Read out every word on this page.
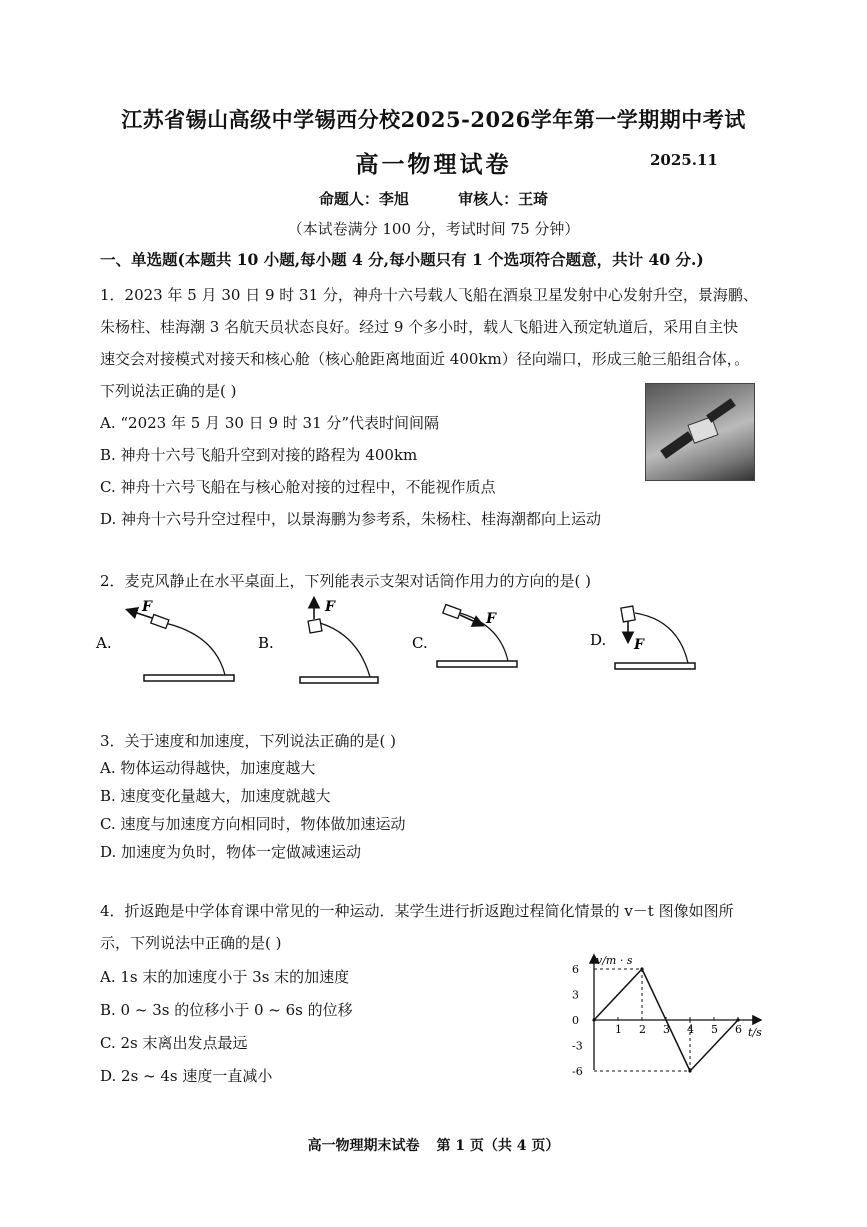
江苏省锡山高级中学锡西分校2025-2026学年第一学期期中考试
高一物理试卷	2025.11
命题人：李旭	审核人：王琦
（本试卷满分 100 分，考试时间 75 分钟）
一、单选题(本题共 10 小题,每小题 4 分,每小题只有 1 个选项符合题意，共计 40 分.)
1．2023 年 5 月 30 日 9 时 31 分，神舟十六号载人飞船在酒泉卫星发射中心发射升空，景海鹏、
朱杨柱、桂海潮 3 名航天员状态良好。经过 9 个多小时，载人飞船进入预定轨道后，采用自主快
速交会对接模式对接天和核心舱（核心舱距离地面近 400km）径向端口，形成三舱三船组合体，。
下列说法正确的是( )
A. “2023 年 5 月 30 日 9 时 31 分”代表时间间隔
B. 神舟十六号飞船升空到对接的路程为 400km
C. 神舟十六号飞船在与核心舱对接的过程中，不能视作质点
D. 神舟十六号升空过程中，以景海鹏为参考系，朱杨柱、桂海潮都向上运动
2．麦克风静止在水平桌面上，下列能表示支架对话筒作用力的方向的是( )
A.
F
B.
F
C.
F
D. F
3．关于速度和加速度，下列说法正确的是( )
A. 物体运动得越快，加速度越大
B. 速度变化量越大，加速度就越大
C. 速度与加速度方向相同时，物体做加速运动
D. 加速度为负时，物体一定做减速运动
4．折返跑是中学体育课中常见的一种运动．某学生进行折返跑过程简化情景的 v－t 图像如图所
示，下列说法中正确的是( )
A. 1s 末的加速度小于 3s 末的加速度
B. 0 ~ 3s 的位移小于 0 ~ 6s 的位移
C. 2s 末离出发点最远
D. 2s ~ 4s 速度一直减小
v/m · s
t/s
1 2 3 4 5 6
6
3
0
-3
-6
高一物理期末试卷 第 1 页（共 4 页）
